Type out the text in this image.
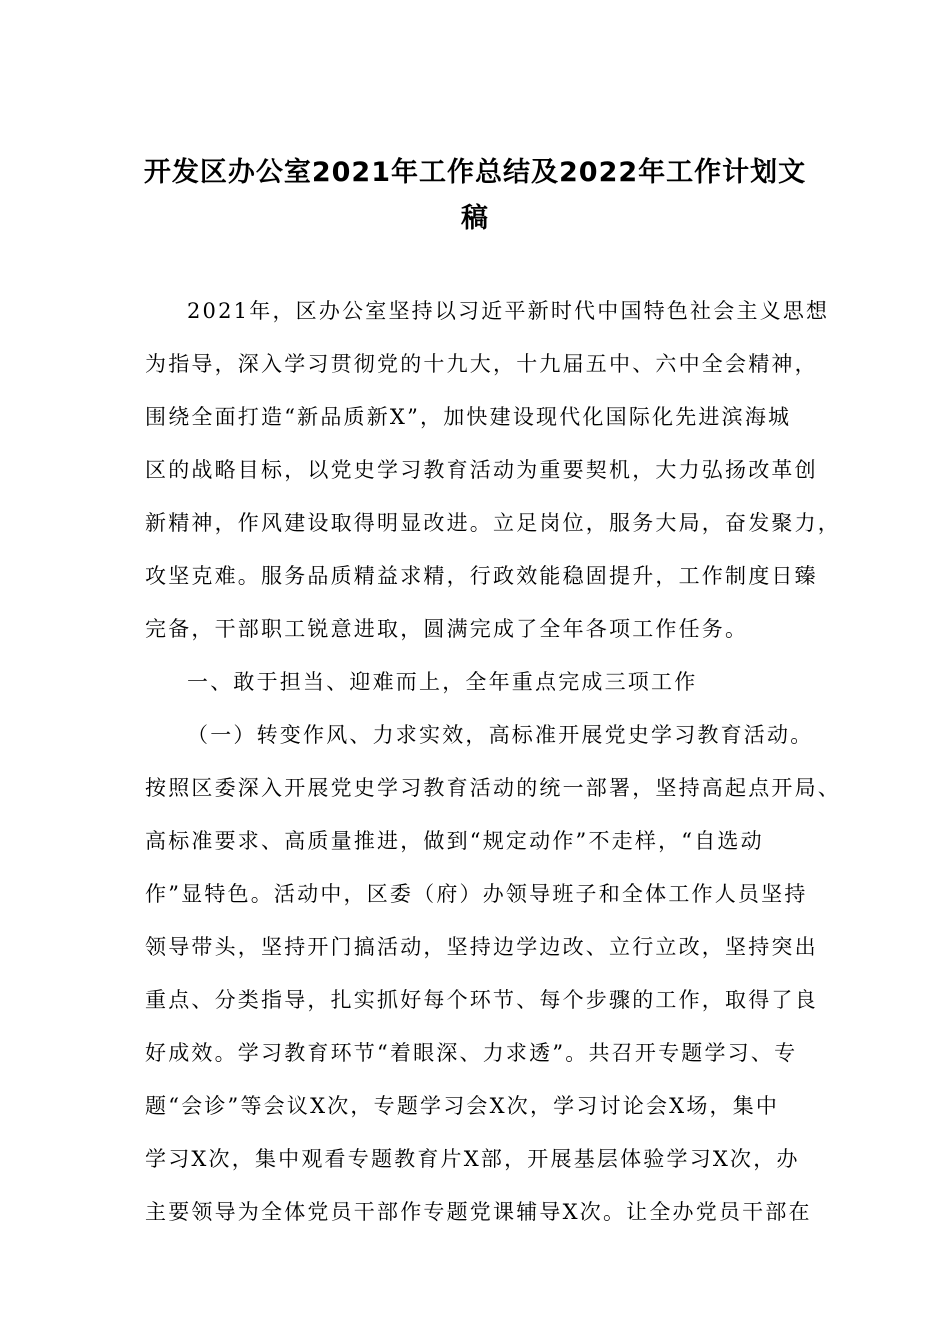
开发区办公室2021年工作总结及2022年工作计划文
稿
2021年，区办公室坚持以习近平新时代中国特色社会主义思想
为指导，深入学习贯彻党的十九大，十九届五中、六中全会精神，
围绕全面打造“新品质新X”，加快建设现代化国际化先进滨海城
区的战略目标，以党史学习教育活动为重要契机，大力弘扬改革创
新精神，作风建设取得明显改进。立足岗位，服务大局，奋发聚力，
攻坚克难。服务品质精益求精，行政效能稳固提升，工作制度日臻
完备，干部职工锐意进取，圆满完成了全年各项工作任务。
一、敢于担当、迎难而上，全年重点完成三项工作
（一）转变作风、力求实效，高标准开展党史学习教育活动。
按照区委深入开展党史学习教育活动的统一部署，坚持高起点开局、
高标准要求、高质量推进，做到“规定动作”不走样，“自选动
作”显特色。活动中，区委（府）办领导班子和全体工作人员坚持
领导带头，坚持开门搞活动，坚持边学边改、立行立改，坚持突出
重点、分类指导，扎实抓好每个环节、每个步骤的工作，取得了良
好成效。学习教育环节“着眼深、力求透”。共召开专题学习、专
题“会诊”等会议X次，专题学习会X次，学习讨论会X场，集中
学习X次，集中观看专题教育片X部，开展基层体验学习X次，办
主要领导为全体党员干部作专题党课辅导X次。让全办党员干部在
